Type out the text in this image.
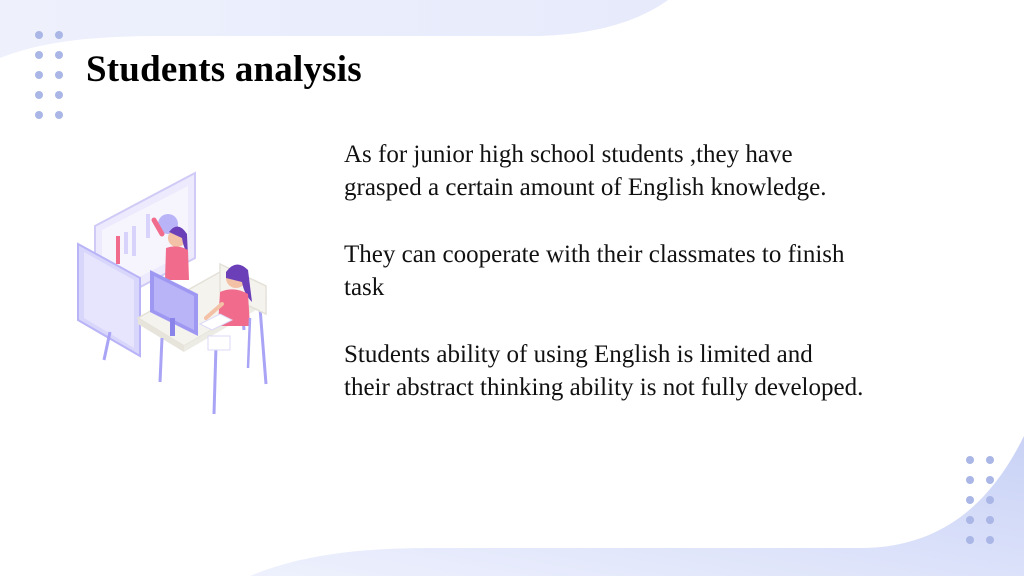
Students analysis

As for junior high school students ,they have
grasped a certain amount of English knowledge.

They can cooperate with their classmates to finish
task

Students ability of using English is limited and
their abstract thinking ability is not fully developed.
